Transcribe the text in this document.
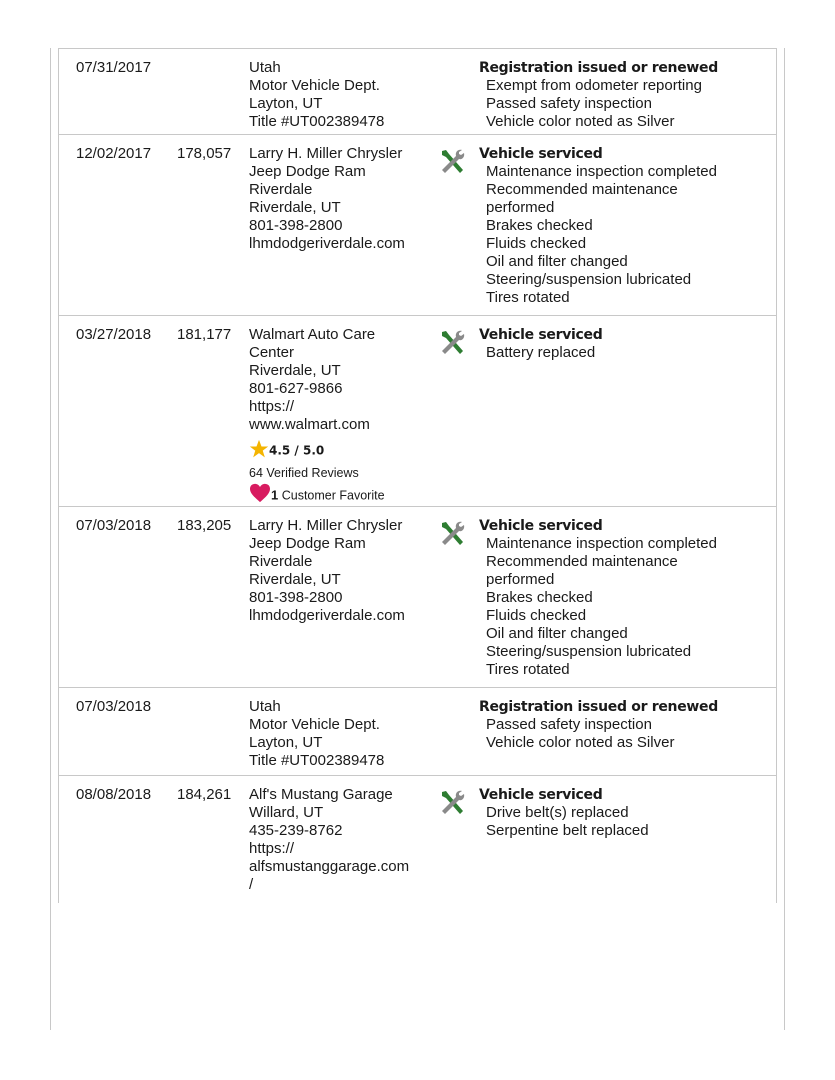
07/31/2017	Utah
Motor Vehicle Dept.
Layton, UT
Title #UT002389478
Registration issued or renewed
Exempt from odometer reporting
Passed safety inspection
Vehicle color noted as Silver
12/02/2017 178,057 Larry H. Miller Chrysler
Jeep Dodge Ram
Riverdale
Riverdale, UT
801-398-2800
lhmdodgeriverdale.com
Vehicle serviced
Maintenance inspection completed
Recommended maintenance
performed
Brakes checked
Fluids checked
Oil and filter changed
Steering/suspension lubricated
Tires rotated
03/27/2018 181,177 Walmart Auto Care
Center
Riverdale, UT
801-627-9866
https://
www.walmart.com
4.5 / 5.0
64 Verified Reviews
1 Customer Favorite
Vehicle serviced
Battery replaced
07/03/2018 183,205 Larry H. Miller Chrysler
Jeep Dodge Ram
Riverdale
Riverdale, UT
801-398-2800
lhmdodgeriverdale.com
Vehicle serviced
Maintenance inspection completed
Recommended maintenance
performed
Brakes checked
Fluids checked
Oil and filter changed
Steering/suspension lubricated
Tires rotated
07/03/2018	Utah
Motor Vehicle Dept.
Layton, UT
Title #UT002389478
Registration issued or renewed
Passed safety inspection
Vehicle color noted as Silver
08/08/2018 184,261 Alf's Mustang Garage
Willard, UT
435-239-8762
https://
alfsmustanggarage.com
/
Vehicle serviced
Drive belt(s) replaced
Serpentine belt replaced
